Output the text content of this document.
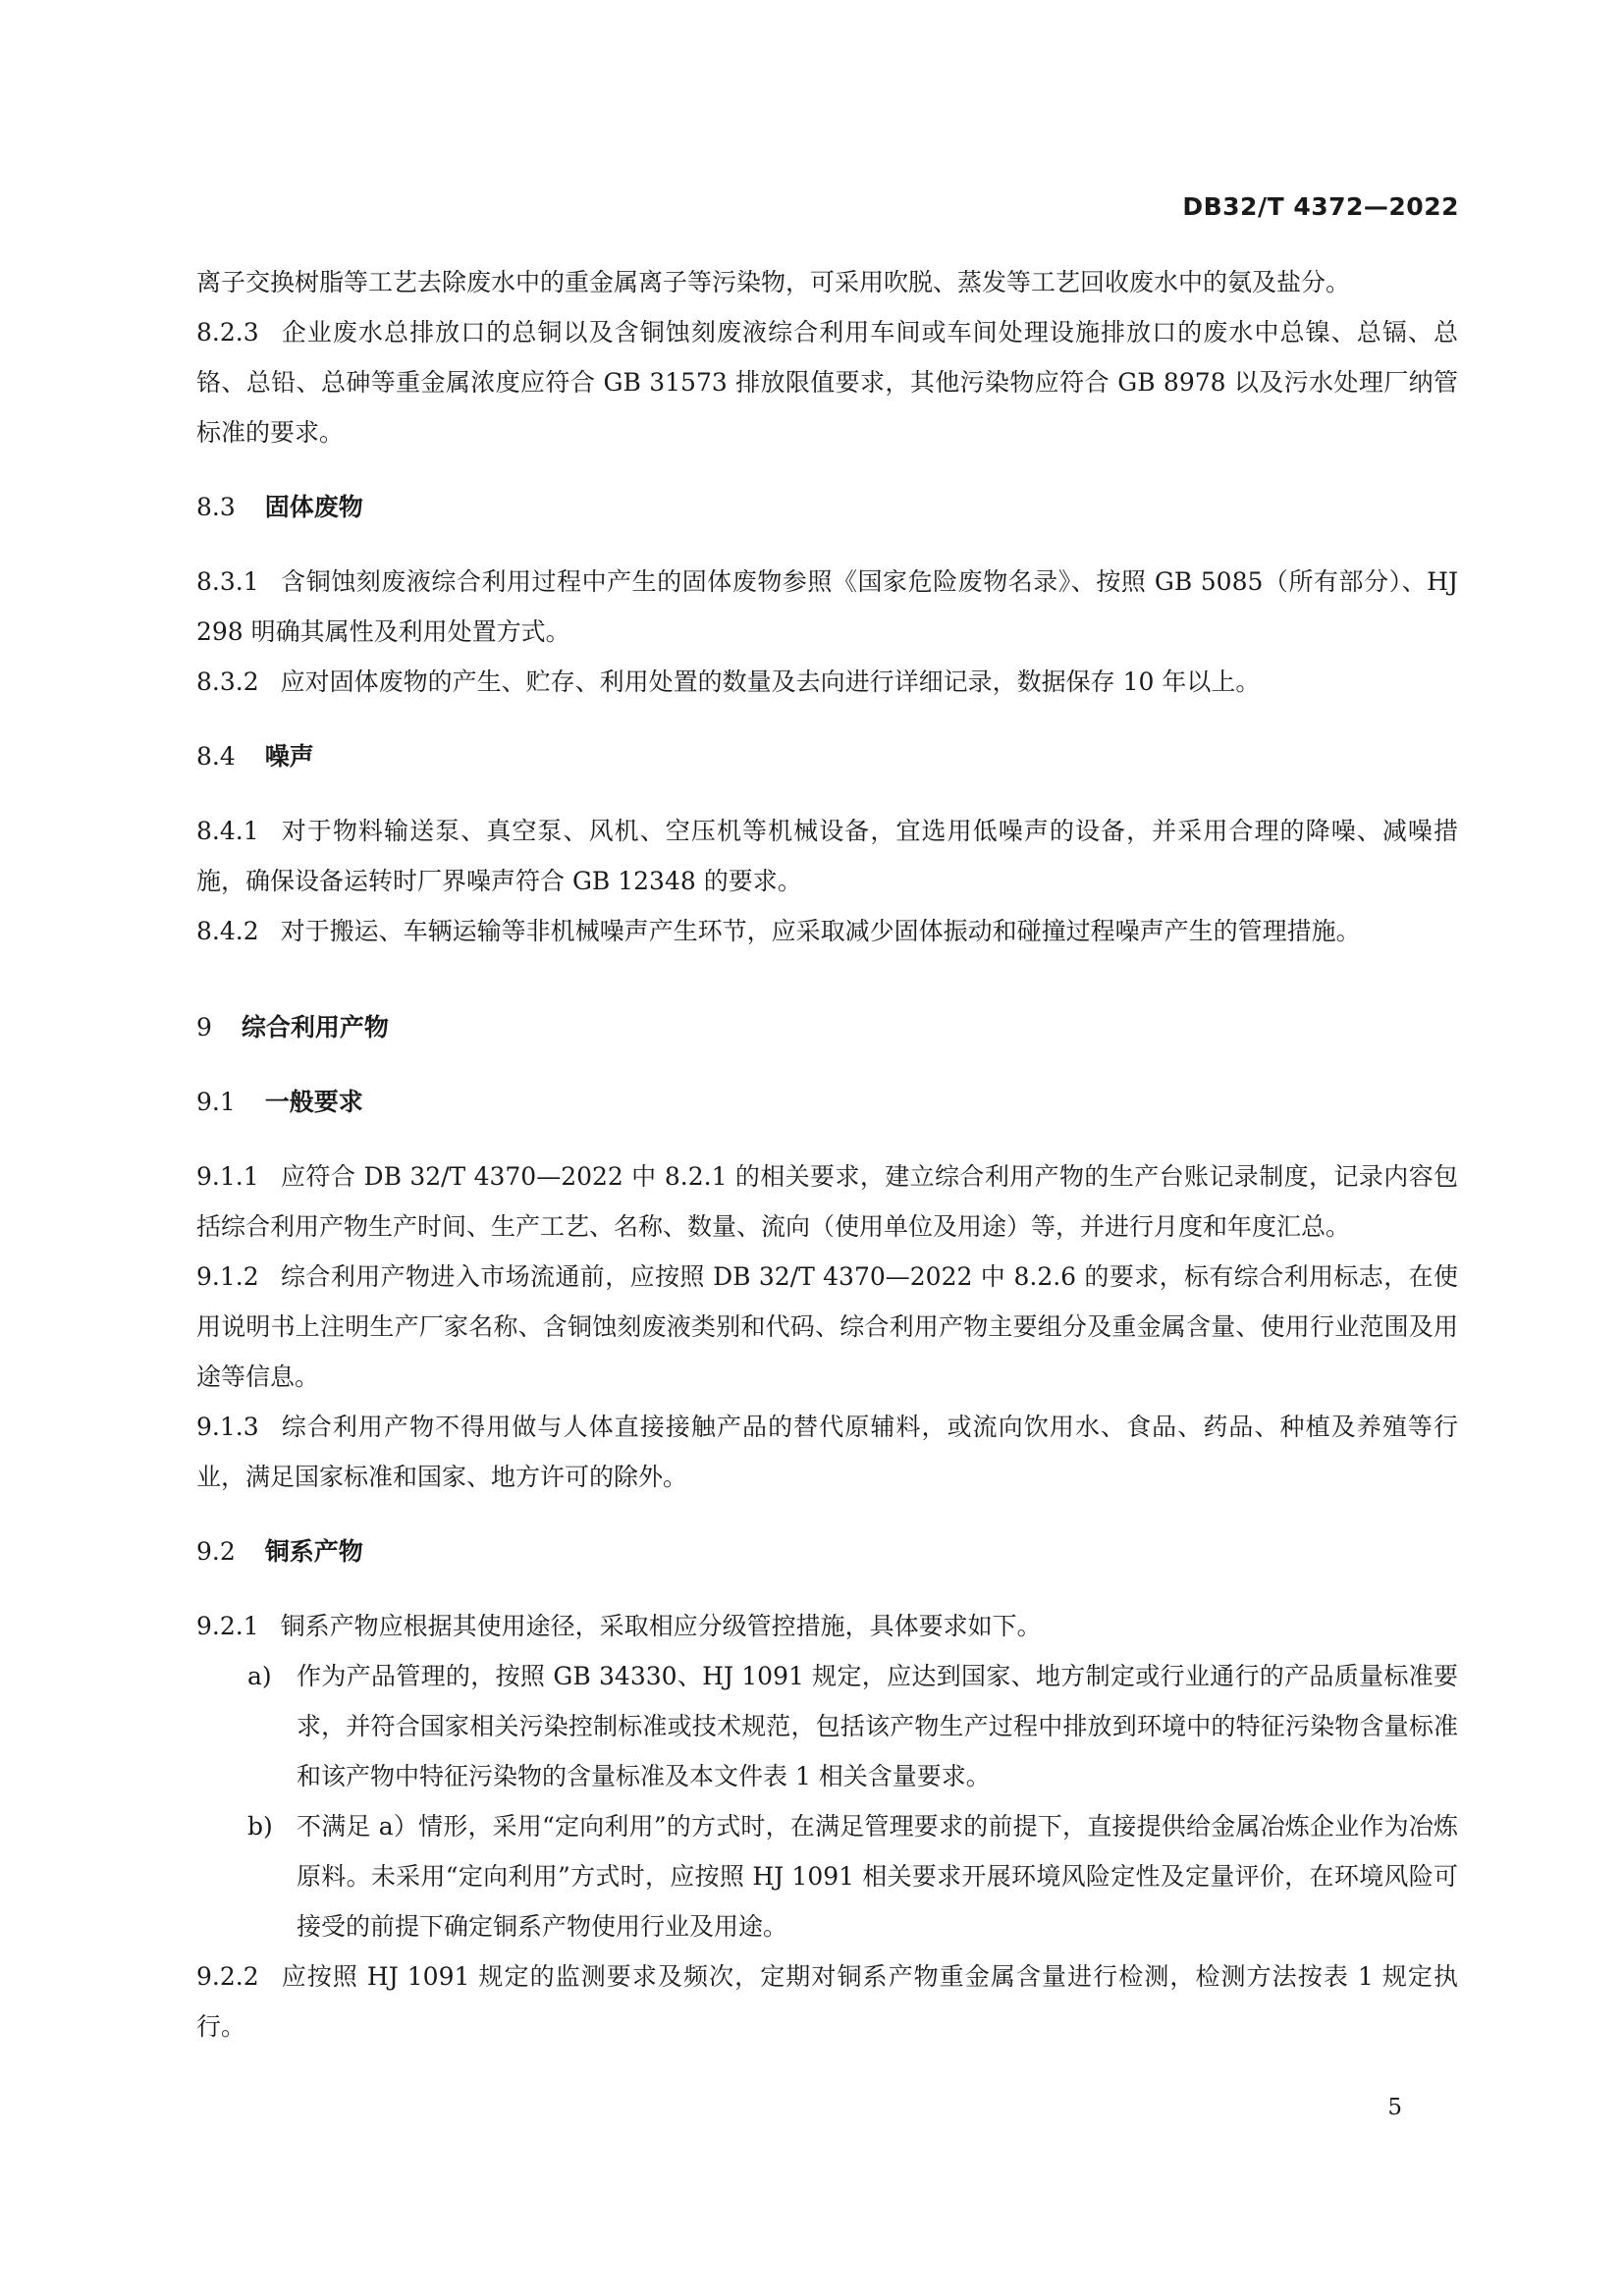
DB32/T 4372—2022

离子交换树脂等工艺去除废水中的重金属离子等污染物，可采用吹脱、蒸发等工艺回收废水中的氨及盐分。

8.2.3 企业废水总排放口的总铜以及含铜蚀刻废液综合利用车间或车间处理设施排放口的废水中总镍、总镉、总铬、总铅、总砷等重金属浓度应符合 GB 31573 排放限值要求，其他污染物应符合 GB 8978 以及污水处理厂纳管标准的要求。

8.3 固体废物

8.3.1 含铜蚀刻废液综合利用过程中产生的固体废物参照《国家危险废物名录》、按照 GB 5085（所有部分）、HJ 298 明确其属性及利用处置方式。

8.3.2 应对固体废物的产生、贮存、利用处置的数量及去向进行详细记录，数据保存 10 年以上。

8.4 噪声

8.4.1 对于物料输送泵、真空泵、风机、空压机等机械设备，宜选用低噪声的设备，并采用合理的降噪、减噪措施，确保设备运转时厂界噪声符合 GB 12348 的要求。

8.4.2 对于搬运、车辆运输等非机械噪声产生环节，应采取减少固体振动和碰撞过程噪声产生的管理措施。

9 综合利用产物
9.1 一般要求

9.1.1 应符合 DB 32/T 4370—2022 中 8.2.1 的相关要求，建立综合利用产物的生产台账记录制度，记录内容包括综合利用产物生产时间、生产工艺、名称、数量、流向（使用单位及用途）等，并进行月度和年度汇总。

9.1.2 综合利用产物进入市场流通前，应按照 DB 32/T 4370—2022 中 8.2.6 的要求，标有综合利用标志，在使用说明书上注明生产厂家名称、含铜蚀刻废液类别和代码、综合利用产物主要组分及重金属含量、使用行业范围及用途等信息。

9.1.3 综合利用产物不得用做与人体直接接触产品的替代原辅料，或流向饮用水、食品、药品、种植及养殖等行业，满足国家标准和国家、地方许可的除外。

9.2 铜系产物

9.2.1 铜系产物应根据其使用途径，采取相应分级管控措施，具体要求如下。

a)	作为产品管理的，按照 GB 34330、HJ 1091 规定，应达到国家、地方制定或行业通行的产品质量标准要求，并符合国家相关污染控制标准或技术规范，包括该产物生产过程中排放到环境中的特征污染物含量标准和该产物中特征污染物的含量标准及本文件表 1 相关含量要求。
b) 不满足 a）情形，采用“定向利用”的方式时，在满足管理要求的前提下，直接提供给金属冶炼企业作为冶炼原料。未采用“定向利用”方式时，应按照 HJ 1091 相关要求开展环境风险定性及定量评价，在环境风险可接受的前提下确定铜系产物使用行业及用途。

9.2.2 应按照 HJ 1091 规定的监测要求及频次，定期对铜系产物重金属含量进行检测，检测方法按表 1 规定执行。

5
